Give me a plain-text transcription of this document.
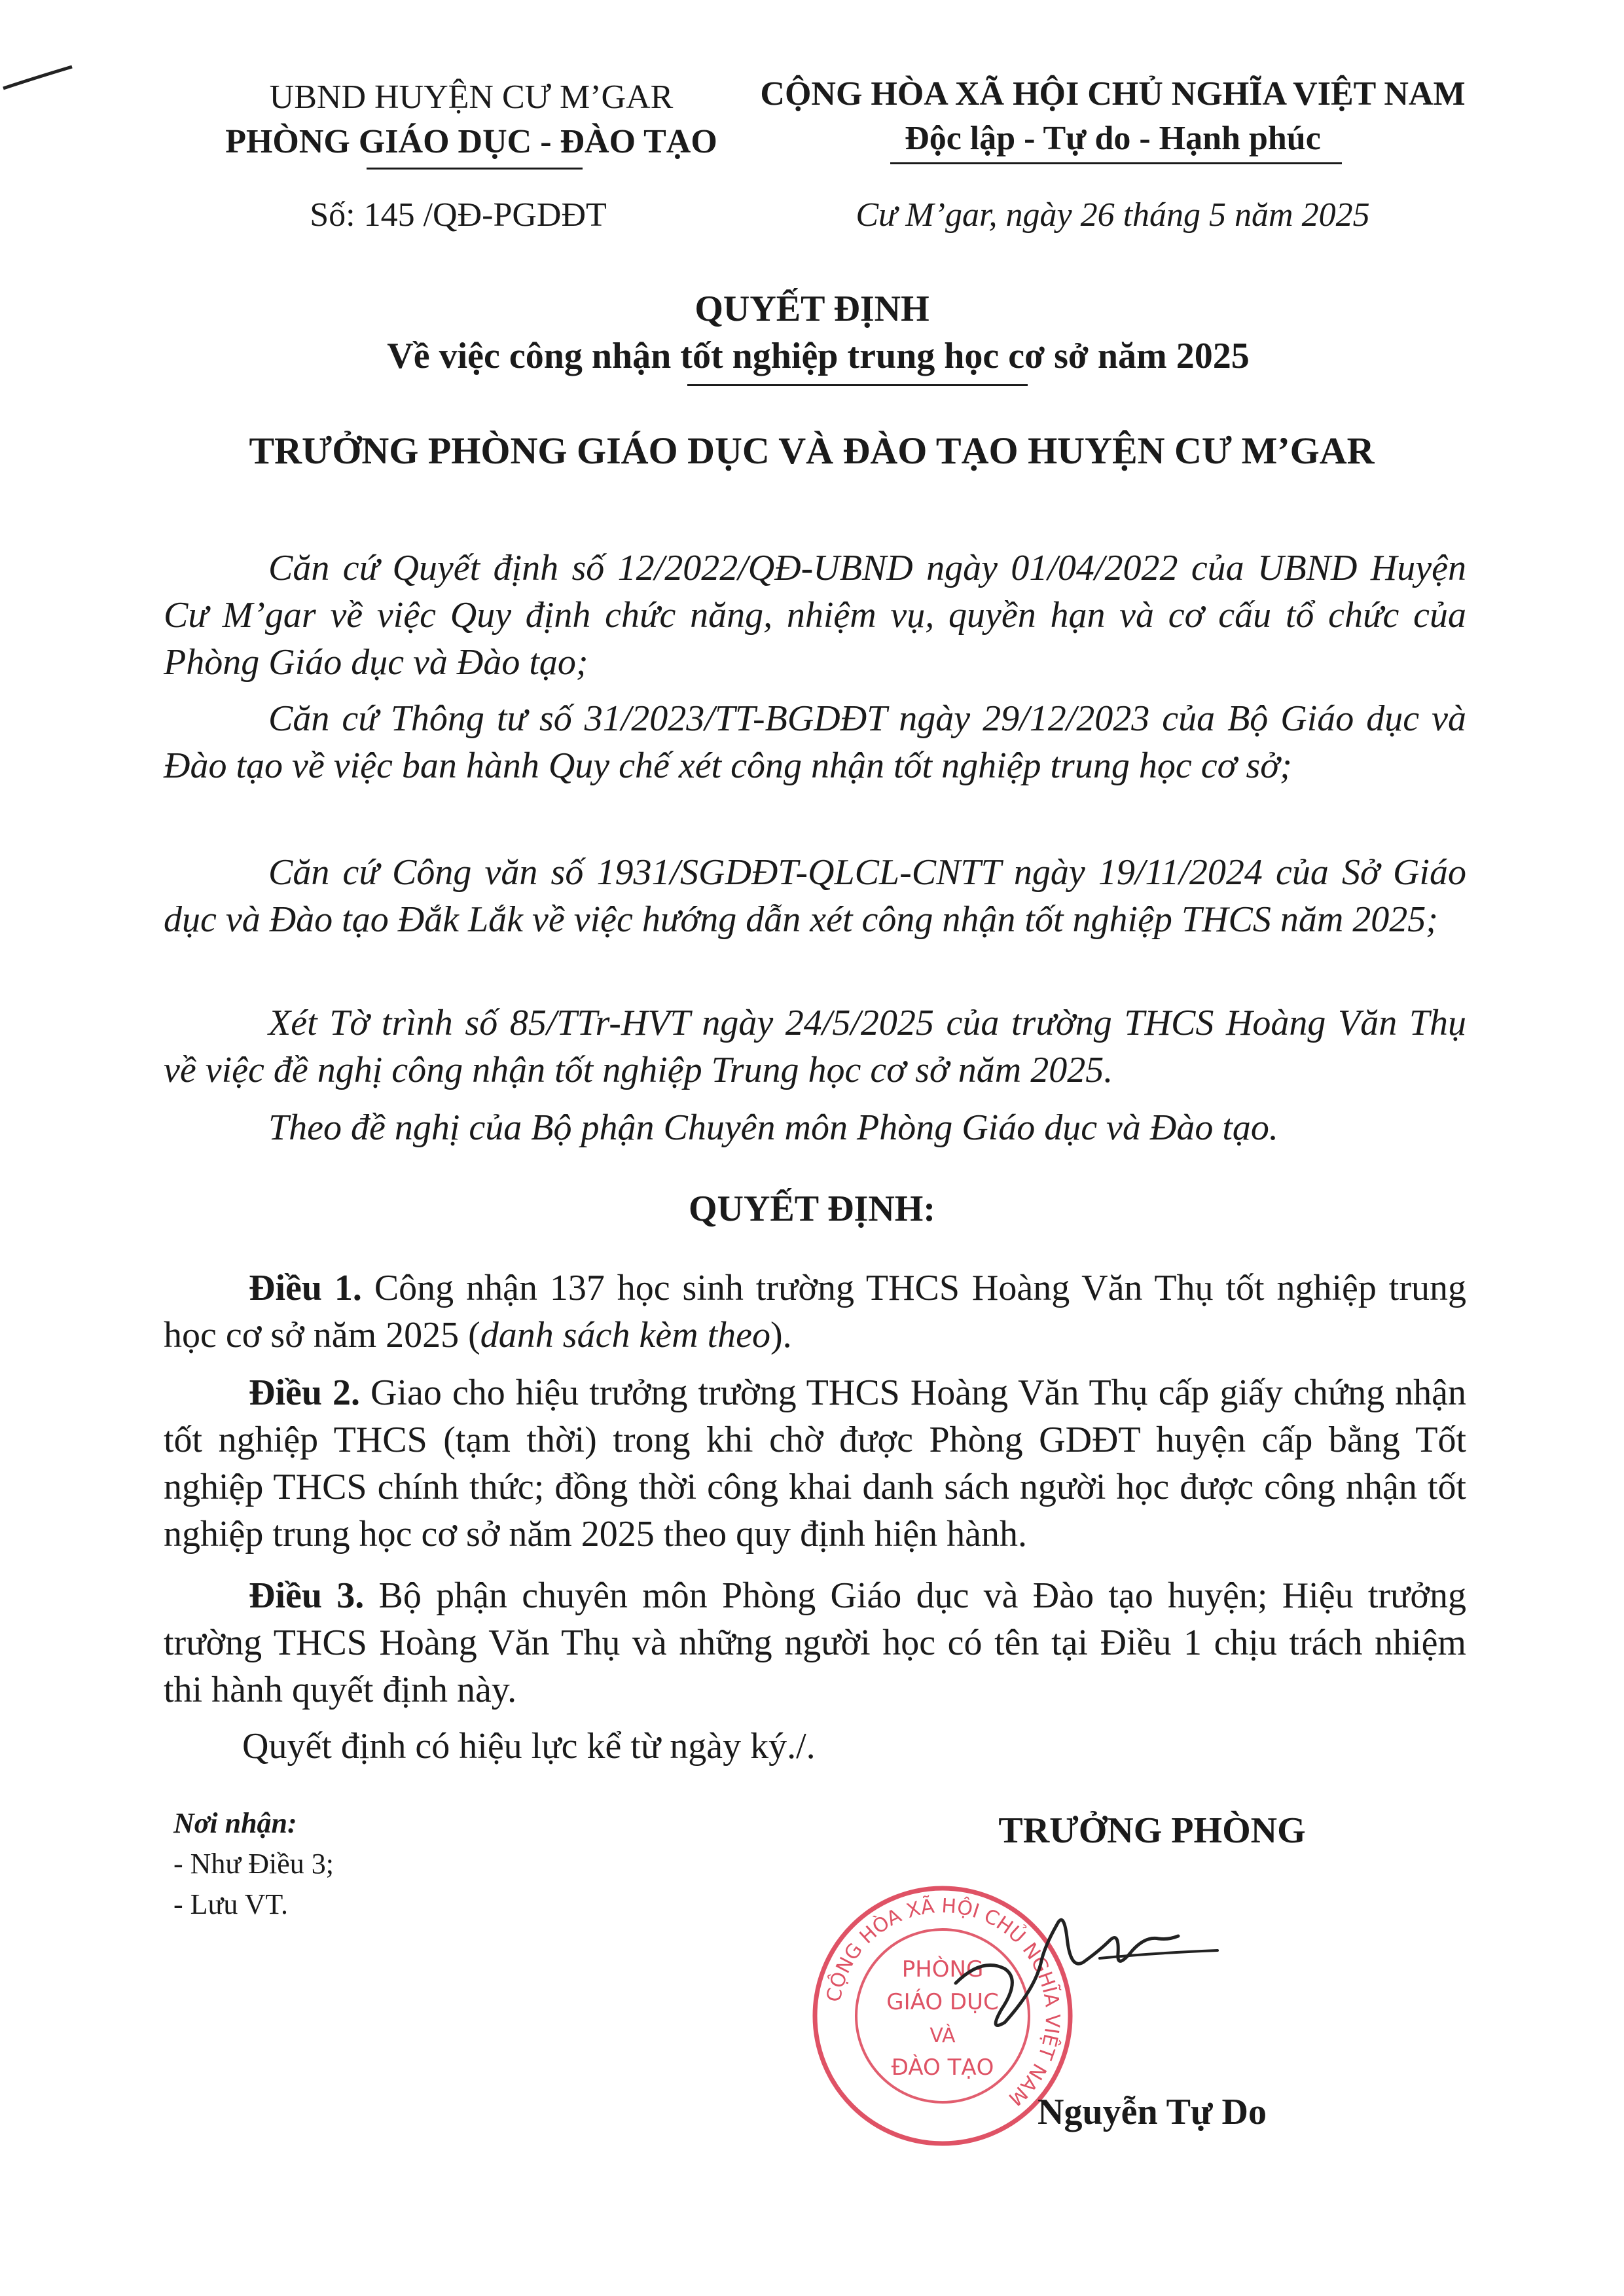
UBND HUYỆN CƯ M’GAR
PHÒNG GIÁO DỤC - ĐÀO TẠO
CỘNG HÒA XÃ HỘI CHỦ NGHĨA VIỆT NAM
Độc lập - Tự do - Hạnh phúc
Số: 145 /QĐ-PGDĐT	Cư M’gar, ngày 26 tháng 5 năm 2025
QUYẾT ĐỊNH
Về việc công nhận tốt nghiệp trung học cơ sở năm 2025
TRƯỞNG PHÒNG GIÁO DỤC VÀ ĐÀO TẠO HUYỆN CƯ M’GAR
Căn cứ Quyết định số 12/2022/QĐ-UBND ngày 01/04/2022 của UBND Huyện Cư M’gar về việc Quy định chức năng, nhiệm vụ, quyền hạn và cơ cấu tổ chức của Phòng Giáo dục và Đào tạo;
Căn cứ Thông tư số 31/2023/TT-BGDĐT ngày 29/12/2023 của Bộ Giáo dục và Đào tạo về việc ban hành Quy chế xét công nhận tốt nghiệp trung học cơ sở;
Căn cứ Công văn số 1931/SGDĐT-QLCL-CNTT ngày 19/11/2024 của Sở Giáo dục và Đào tạo Đắk Lắk về việc hướng dẫn xét công nhận tốt nghiệp THCS năm 2025;
Xét Tờ trình số 85/TTr-HVT ngày 24/5/2025 của trường THCS Hoàng Văn Thụ về việc đề nghị công nhận tốt nghiệp Trung học cơ sở năm 2025.
Theo đề nghị của Bộ phận Chuyên môn Phòng Giáo dục và Đào tạo.
QUYẾT ĐỊNH:
Điều 1. Công nhận 137 học sinh trường THCS Hoàng Văn Thụ tốt nghiệp trung học cơ sở năm 2025 (danh sách kèm theo).
Điều 2. Giao cho hiệu trưởng trường THCS Hoàng Văn Thụ cấp giấy chứng nhận tốt nghiệp THCS (tạm thời) trong khi chờ được Phòng GDĐT huyện cấp bằng Tốt nghiệp THCS chính thức; đồng thời công khai danh sách người học được công nhận tốt nghiệp trung học cơ sở năm 2025 theo quy định hiện hành.
Điều 3. Bộ phận chuyên môn Phòng Giáo dục và Đào tạo huyện; Hiệu trưởng trường THCS Hoàng Văn Thụ và những người học có tên tại Điều 1 chịu trách nhiệm thi hành quyết định này.
Quyết định có hiệu lực kể từ ngày ký./.
Nơi nhận:
- Như Điều 3;
- Lưu VT.
TRƯỞNG PHÒNG
CỘNG HÒA XÃ HỘI CHỦ NGHĨA VIỆT NAM
PHÒNG
GIÁO DỤC
VÀ
ĐÀO TẠO
Nguyễn Tự Do
